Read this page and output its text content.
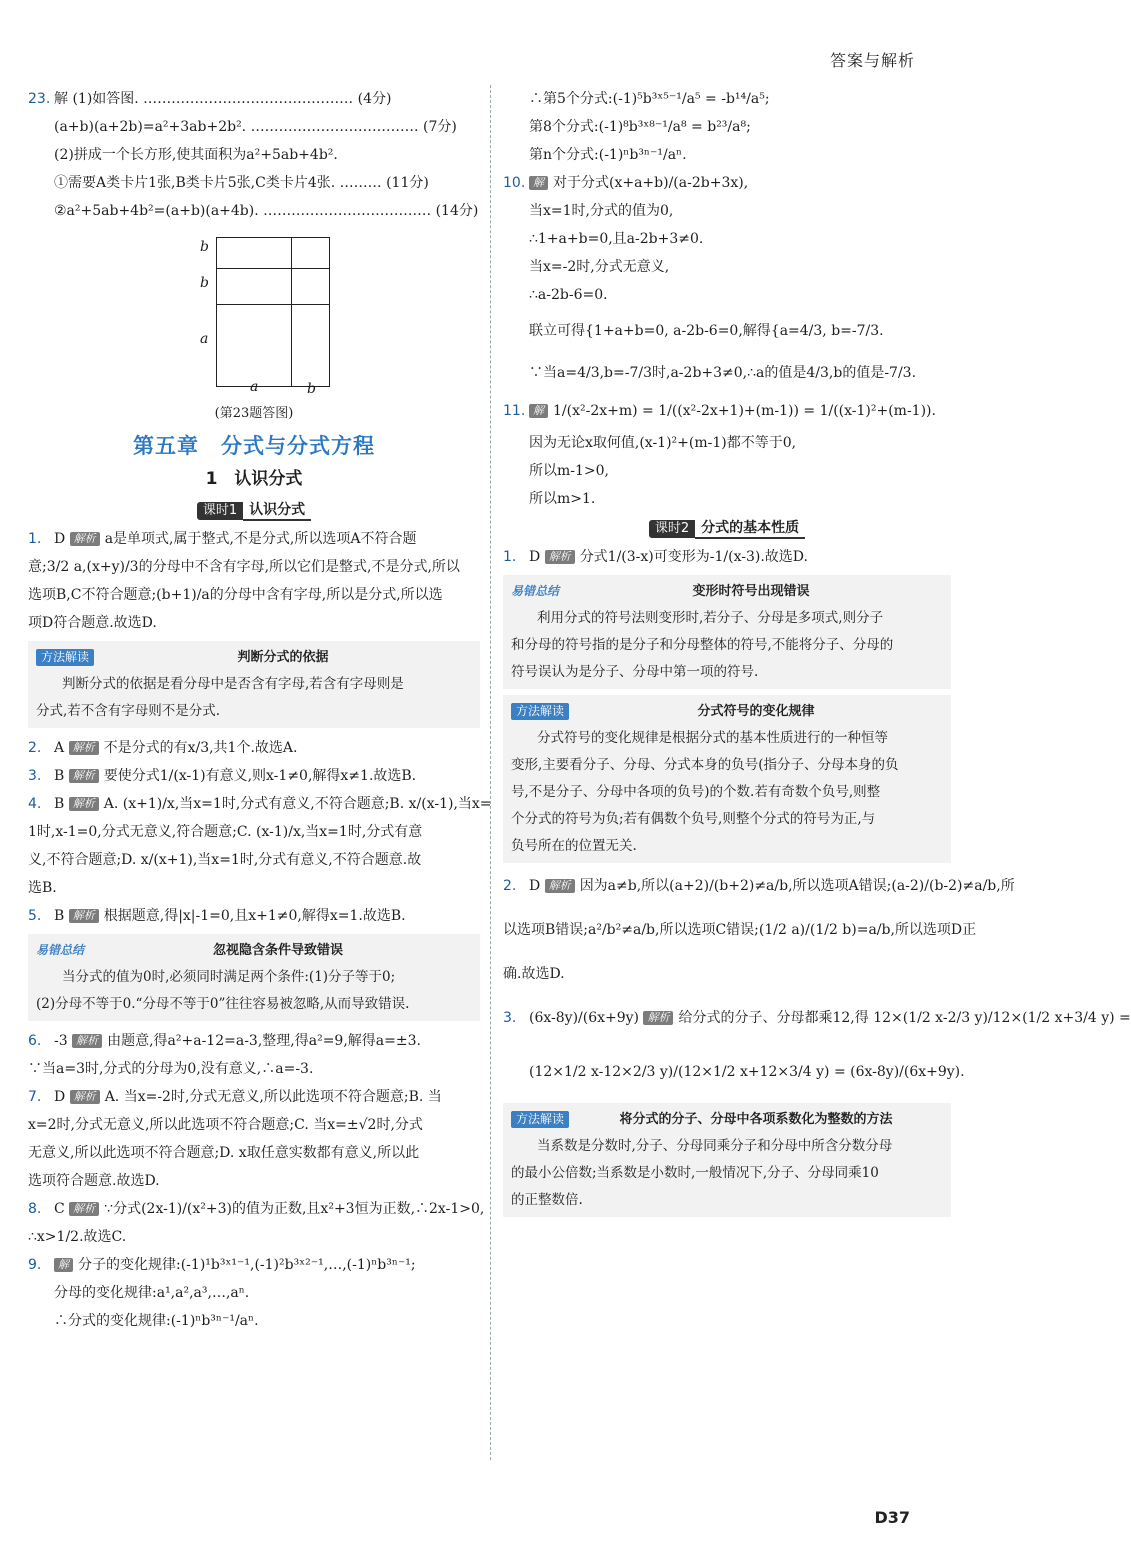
答案与解析
23. 解 (1)如答图. ……………………………………… (4分)
(a+b)(a+2b)=a²+3ab+2b². ……………………………… (7分)
(2)拼成一个长方形,使其面积为a²+5ab+4b².
①需要A类卡片1张,B类卡片5张,C类卡片4张. ……… (11分)
②a²+5ab+4b²=(a+b)(a+4b). ……………………………… (14分)
b
b
a
a	b
(第23题答图)
第五章　分式与分式方程
1　认识分式
课时1 认识分式
1. D 解析 a是单项式,属于整式,不是分式,所以选项A不符合题
意;3/2 a,(x+y)/3的分母中不含有字母,所以它们是整式,不是分式,所以
选项B,C不符合题意;(b+1)/a的分母中含有字母,所以是分式,所以选
项D符合题意.故选D.
方法解读	判断分式的依据
判断分式的依据是看分母中是否含有字母,若含有字母则是
分式,若不含有字母则不是分式.
2. A 解析 不是分式的有x/3,共1个.故选A.
3. B 解析 要使分式1/(x-1)有意义,则x-1≠0,解得x≠1.故选B.
4. B 解析 A. (x+1)/x,当x=1时,分式有意义,不符合题意;B. x/(x-1),当x=
1时,x-1=0,分式无意义,符合题意;C. (x-1)/x,当x=1时,分式有意
义,不符合题意;D. x/(x+1),当x=1时,分式有意义,不符合题意.故
选B.
5. B 解析 根据题意,得|x|-1=0,且x+1≠0,解得x=1.故选B.
易错总结	忽视隐含条件导致错误
当分式的值为0时,必须同时满足两个条件:(1)分子等于0;
(2)分母不等于0.“分母不等于0”往往容易被忽略,从而导致错误.
6. -3 解析 由题意,得a²+a-12=a-3,整理,得a²=9,解得a=±3.
∵当a=3时,分式的分母为0,没有意义,∴a=-3.
7. D 解析 A. 当x=-2时,分式无意义,所以此选项不符合题意;B. 当
x=2时,分式无意义,所以此选项不符合题意;C. 当x=±√2时,分式
无意义,所以此选项不符合题意;D. x取任意实数都有意义,所以此
选项符合题意.故选D.
8. C 解析 ∵分式(2x-1)/(x²+3)的值为正数,且x²+3恒为正数,∴2x-1>0,
∴x>1/2.故选C.
9. 解 分子的变化规律:(-1)¹b³ˣ¹⁻¹,(-1)²b³ˣ²⁻¹,…,(-1)ⁿb³ⁿ⁻¹;
分母的变化规律:a¹,a²,a³,…,aⁿ.
∴分式的变化规律:(-1)ⁿb³ⁿ⁻¹/aⁿ.
∴第5个分式:(-1)⁵b³ˣ⁵⁻¹/a⁵ = -b¹⁴/a⁵;
第8个分式:(-1)⁸b³ˣ⁸⁻¹/a⁸ = b²³/a⁸;
第n个分式:(-1)ⁿb³ⁿ⁻¹/aⁿ.
10. 解 对于分式(x+a+b)/(a-2b+3x),
当x=1时,分式的值为0,
∴1+a+b=0,且a-2b+3≠0.
当x=-2时,分式无意义,
∴a-2b-6=0.
联立可得{1+a+b=0, a-2b-6=0,解得{a=4/3, b=-7/3.
∵当a=4/3,b=-7/3时,a-2b+3≠0,∴a的值是4/3,b的值是-7/3.
11. 解 1/(x²-2x+m) = 1/((x²-2x+1)+(m-1)) = 1/((x-1)²+(m-1)).
因为无论x取何值,(x-1)²+(m-1)都不等于0,
所以m-1>0,
所以m>1.
课时2 分式的基本性质
1. D 解析 分式1/(3-x)可变形为-1/(x-3).故选D.
易错总结	变形时符号出现错误
利用分式的符号法则变形时,若分子、分母是多项式,则分子
和分母的符号指的是分子和分母整体的符号,不能将分子、分母的
符号误认为是分子、分母中第一项的符号.
方法解读	分式符号的变化规律
分式符号的变化规律是根据分式的基本性质进行的一种恒等
变形,主要看分子、分母、分式本身的负号(指分子、分母本身的负
号,不是分子、分母中各项的负号)的个数.若有奇数个负号,则整
个分式的符号为负;若有偶数个负号,则整个分式的符号为正,与
负号所在的位置无关.
2. D 解析 因为a≠b,所以(a+2)/(b+2)≠a/b,所以选项A错误;(a-2)/(b-2)≠a/b,所
以选项B错误;a²/b²≠a/b,所以选项C错误;(1/2 a)/(1/2 b)=a/b,所以选项D正
确.故选D.
3. (6x-8y)/(6x+9y) 解析 给分式的分子、分母都乘12,得 12×(1/2 x-2/3 y)/12×(1/2 x+3/4 y) =
(12×1/2 x-12×2/3 y)/(12×1/2 x+12×3/4 y) = (6x-8y)/(6x+9y).
方法解读	将分式的分子、分母中各项系数化为整数的方法
当系数是分数时,分子、分母同乘分子和分母中所含分数分母
的最小公倍数;当系数是小数时,一般情况下,分子、分母同乘10
的正整数倍.
D37
